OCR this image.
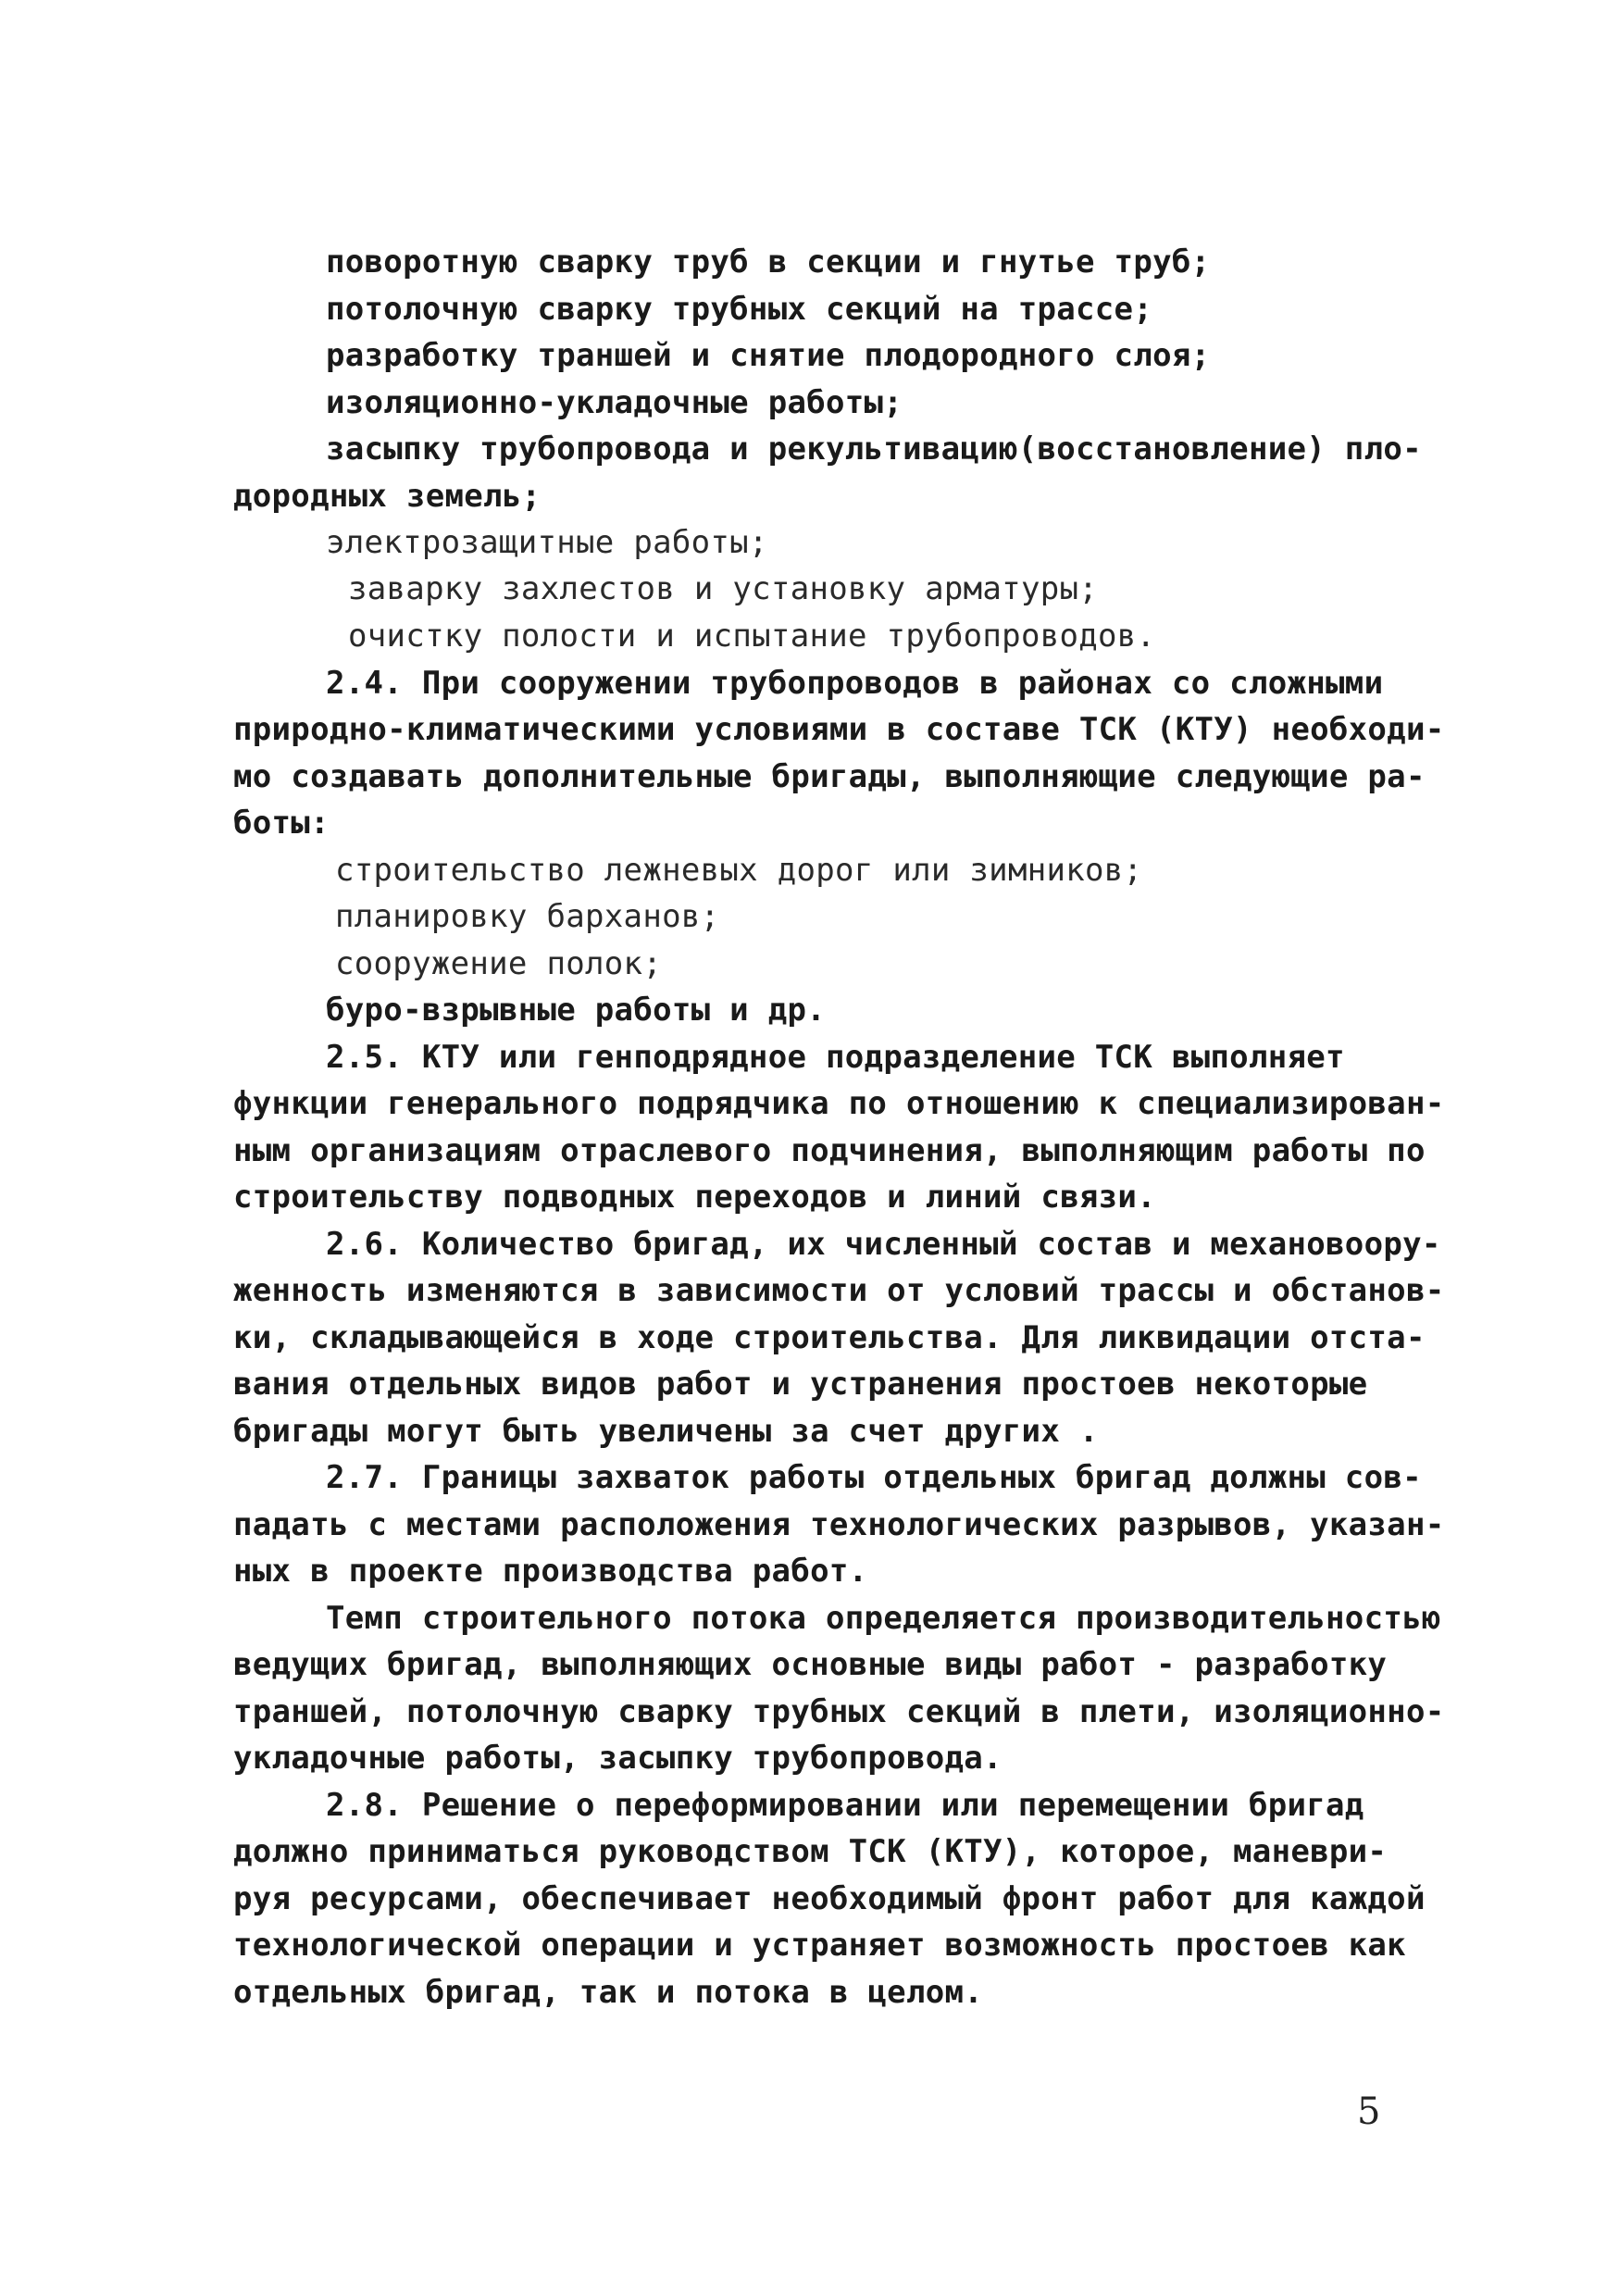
поворотную сварку труб в секции и гнутье труб;
потолочную сварку трубных секций на трассе;
разработку траншей и снятие плодородного слоя;
изоляционно-укладочные работы;
засыпку трубопровода и рекультивацию(восстановление) пло-
дородных земель;
электрозащитные работы;
заварку захлестов и установку арматуры;
очистку полости и испытание трубопроводов.
2.4. При сооружении трубопроводов в районах со сложными
природно-климатическими условиями в составе ТСК (КТУ) необходи-
мо создавать дополнительные бригады, выполняющие следующие ра-
боты:
строительство лежневых дорог или зимников;
планировку барханов;
сооружение полок;
буро-взрывные работы и др.
2.5. КТУ или генподрядное подразделение ТСК выполняет
функции генерального подрядчика по отношению к специализирован-
ным организациям отраслевого подчинения, выполняющим работы по
строительству подводных переходов и линий связи.
2.6. Количество бригад, их численный состав и механовоору-
женность изменяются в зависимости от условий трассы и обстанов-
ки, складывающейся в ходе строительства. Для ликвидации отста-
вания отдельных видов работ и устранения простоев некоторые
бригады могут быть увеличены за счет других .
2.7. Границы захваток работы отдельных бригад должны сов-
падать с местами расположения технологических разрывов, указан-
ных в проекте производства работ.
Темп строительного потока определяется производительностью
ведущих бригад, выполняющих основные виды работ - разработку
траншей, потолочную сварку трубных секций в плети, изоляционно-
укладочные работы, засыпку трубопровода.
2.8. Решение о переформировании или перемещении бригад
должно приниматься руководством ТСК (КТУ), которое, маневри-
руя ресурсами, обеспечивает необходимый фронт работ для каждой
технологической операции и устраняет возможность простоев как
отдельных бригад, так и потока в целом.
5
